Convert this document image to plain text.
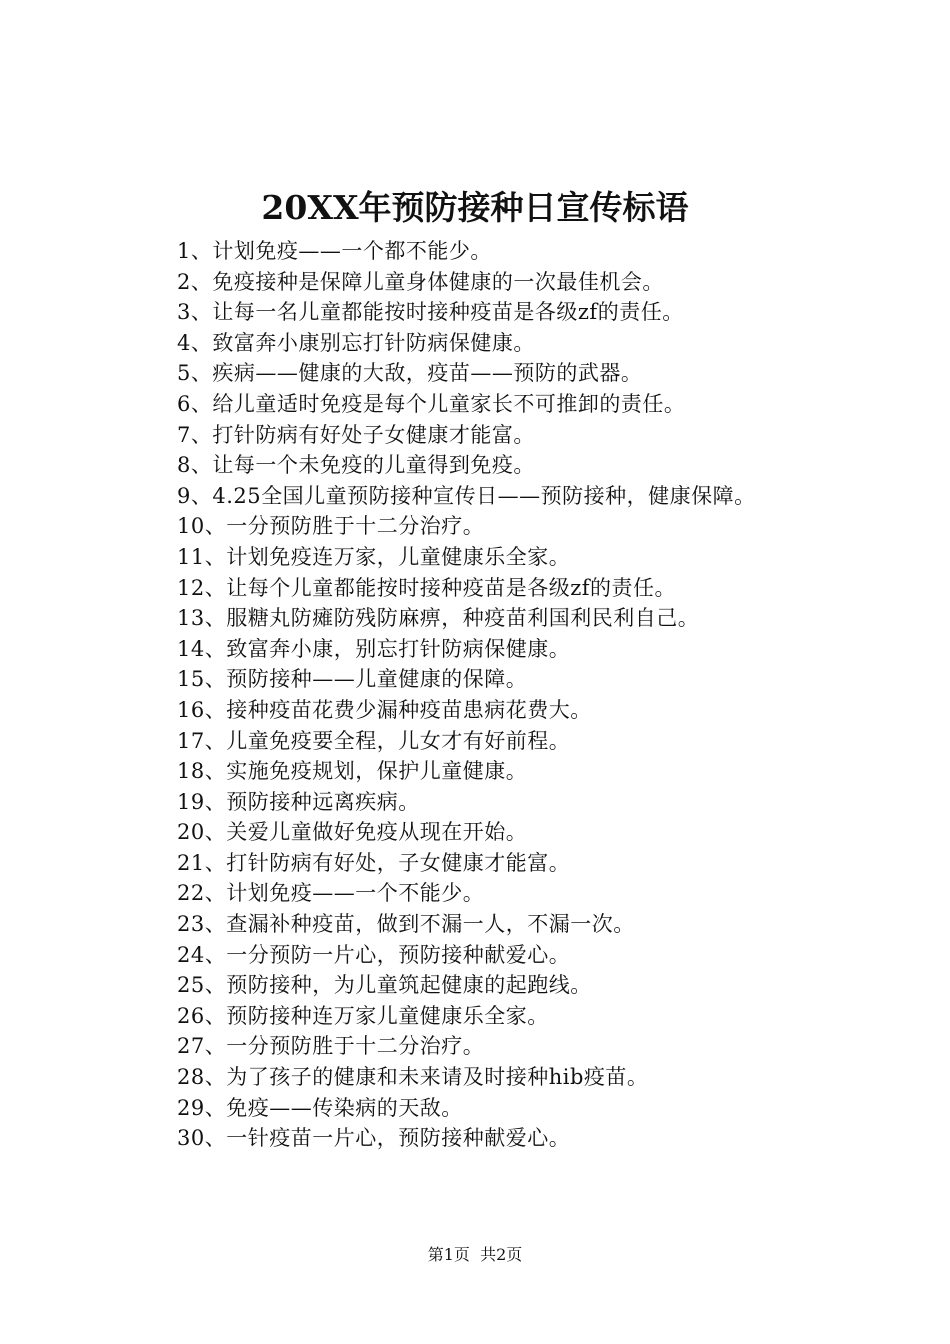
20XX年预防接种日宣传标语

1、计划免疫——一个都不能少。

2、免疫接种是保障儿童身体健康的一次最佳机会。

3、让每一名儿童都能按时接种疫苗是各级zf的责任。

4、致富奔小康别忘打针防病保健康。

5、疾病——健康的大敌，疫苗——预防的武器。

6、给儿童适时免疫是每个儿童家长不可推卸的责任。

7、打针防病有好处子女健康才能富。

8、让每一个未免疫的儿童得到免疫。

9、4.25全国儿童预防接种宣传日——预防接种，健康保障。

10、一分预防胜于十二分治疗。

11、计划免疫连万家，儿童健康乐全家。

12、让每个儿童都能按时接种疫苗是各级zf的责任。

13、服糖丸防瘫防残防麻痹，种疫苗利国利民利自己。

14、致富奔小康，别忘打针防病保健康。

15、预防接种——儿童健康的保障。

16、接种疫苗花费少漏种疫苗患病花费大。

17、儿童免疫要全程，儿女才有好前程。

18、实施免疫规划，保护儿童健康。

19、预防接种远离疾病。

20、关爱儿童做好免疫从现在开始。

21、打针防病有好处，子女健康才能富。

22、计划免疫——一个不能少。

23、查漏补种疫苗，做到不漏一人，不漏一次。

24、一分预防一片心，预防接种献爱心。

25、预防接种，为儿童筑起健康的起跑线。

26、预防接种连万家儿童健康乐全家。

27、一分预防胜于十二分治疗。

28、为了孩子的健康和未来请及时接种hib疫苗。

29、免疫——传染病的天敌。

30、一针疫苗一片心，预防接种献爱心。

第1页  共2页
